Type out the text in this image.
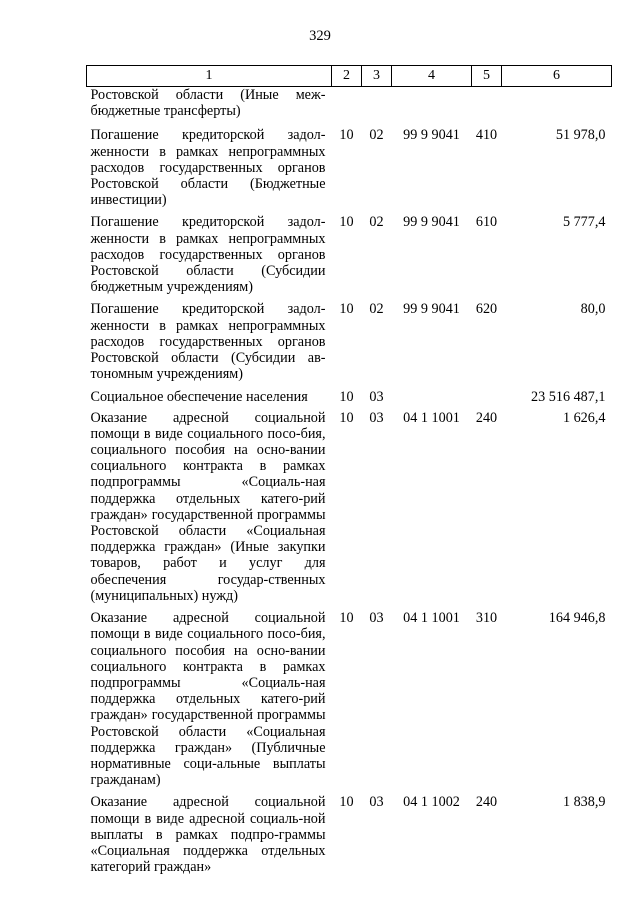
329
1	2	3	4	5	6
Ростовской области (Иные меж-бюджетные трансферты)					
Погашение кредиторской задол-женности в рамках непрограммных расходов государственных органов Ростовской области (Бюджетные инвестиции)	10	02	99 9 9041	410	51 978,0
Погашение кредиторской задол-женности в рамках непрограммных расходов государственных органов Ростовской области (Субсидии бюджетным учреждениям)	10	02	99 9 9041	610	5 777,4
Погашение кредиторской задол-женности в рамках непрограммных расходов государственных органов Ростовской области (Субсидии ав-тономным учреждениям)	10	02	99 9 9041	620	80,0
Социальное обеспечение населения	10	03			23 516 487,1
Оказание адресной социальной помощи в виде социального посо-бия, социального пособия на осно-вании социального контракта в рамках подпрограммы «Социаль-ная поддержка отдельных катего-рий граждан» государственной программы Ростовской области «Социальная поддержка граждан» (Иные закупки товаров, работ и услуг для обеспечения государ-ственных (муниципальных) нужд)	10	03	04 1 1001	240	1 626,4
Оказание адресной социальной помощи в виде социального посо-бия, социального пособия на осно-вании социального контракта в рамках подпрограммы «Социаль-ная поддержка отдельных катего-рий граждан» государственной программы Ростовской области «Социальная поддержка граждан» (Публичные нормативные соци-альные выплаты гражданам)	10	03	04 1 1001	310	164 946,8
Оказание адресной социальной помощи в виде адресной социаль-ной выплаты в рамках подпро-граммы «Социальная поддержка отдельных категорий граждан»	10	03	04 1 1002	240	1 838,9
